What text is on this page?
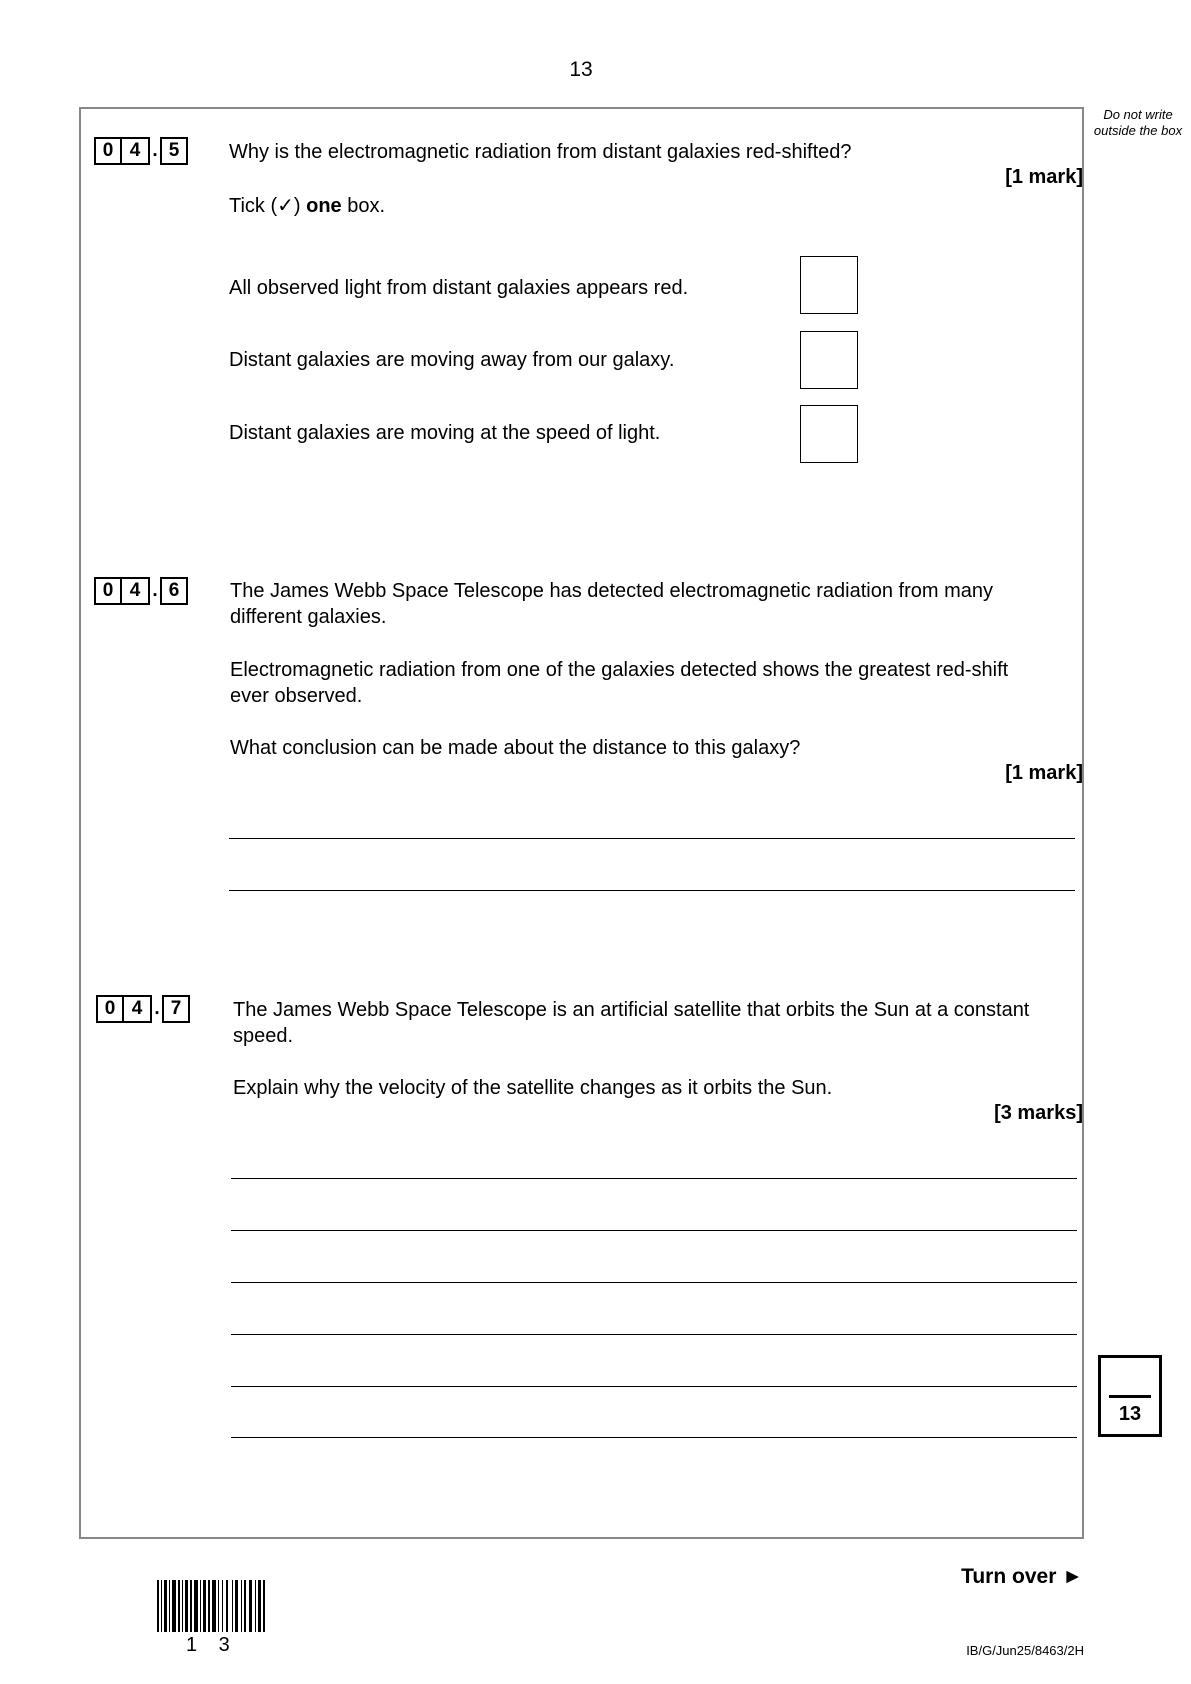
13
Do not write outside the box
0 4 . 5	Why is the electromagnetic radiation from distant galaxies red-shifted?
[1 mark]
Tick (✓) one box.
All observed light from distant galaxies appears red.
Distant galaxies are moving away from our galaxy.
Distant galaxies are moving at the speed of light.
0 4 . 6	The James Webb Space Telescope has detected electromagnetic radiation from many different galaxies.
Electromagnetic radiation from one of the galaxies detected shows the greatest red-shift ever observed.
What conclusion can be made about the distance to this galaxy?
[1 mark]
0 4 . 7	The James Webb Space Telescope is an artificial satellite that orbits the Sun at a constant speed.
Explain why the velocity of the satellite changes as it orbits the Sun.
[3 marks]
13
Turn over ►
1 3	IB/G/Jun25/8463/2H
